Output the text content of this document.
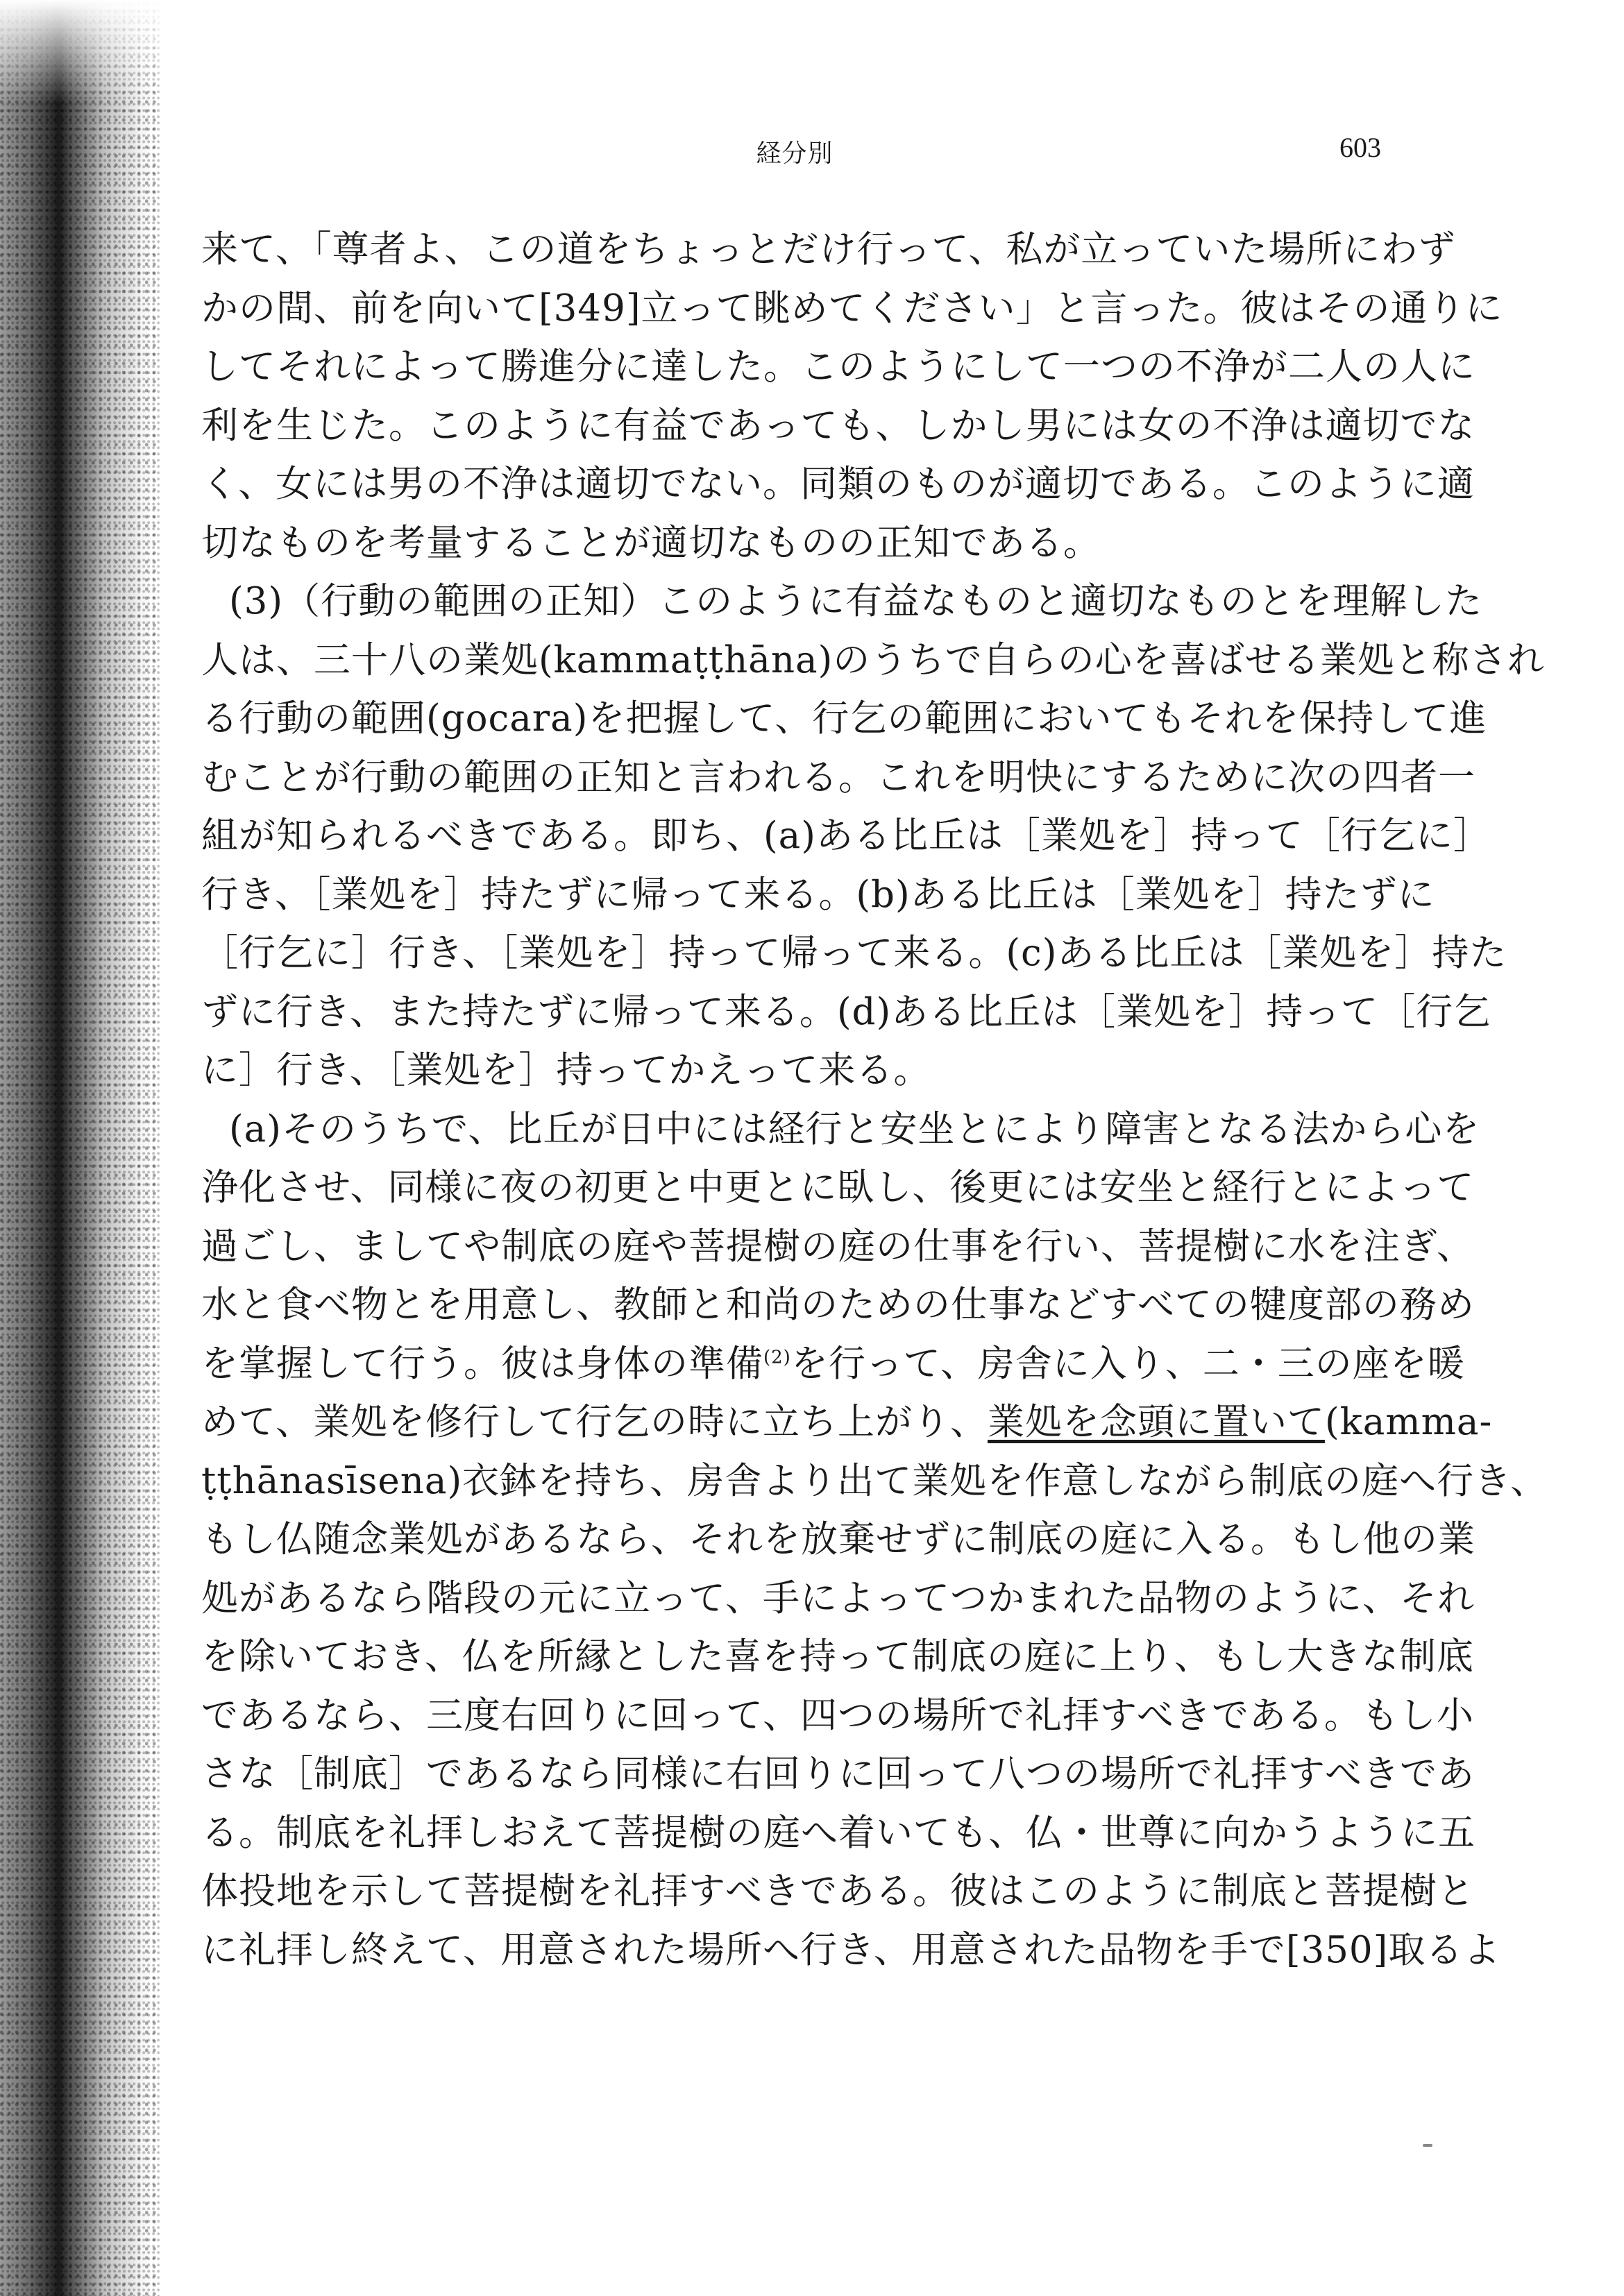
経分別	603
来て、「尊者よ、この道をちょっとだけ行って、私が立っていた場所にわず
かの間、前を向いて[349]立って眺めてください」と言った。彼はその通りに
してそれによって勝進分に達した。このようにして一つの不浄が二人の人に
利を生じた。このように有益であっても、しかし男には女の不浄は適切でな
く、女には男の不浄は適切でない。同類のものが適切である。このように適
切なものを考量することが適切なものの正知である。
(3)（行動の範囲の正知）このように有益なものと適切なものとを理解した
人は、三十八の業処(kammaṭṭhāna)のうちで自らの心を喜ばせる業処と称され
る行動の範囲(gocara)を把握して、行乞の範囲においてもそれを保持して進
むことが行動の範囲の正知と言われる。これを明快にするために次の四者一
組が知られるべきである。即ち、(a)ある比丘は［業処を］持って［行乞に］
行き、［業処を］持たずに帰って来る。(b)ある比丘は［業処を］持たずに
［行乞に］行き、［業処を］持って帰って来る。(c)ある比丘は［業処を］持た
ずに行き、また持たずに帰って来る。(d)ある比丘は［業処を］持って［行乞
に］行き、［業処を］持ってかえって来る。
(a)そのうちで、比丘が日中には経行と安坐とにより障害となる法から心を
浄化させ、同様に夜の初更と中更とに臥し、後更には安坐と経行とによって
過ごし、ましてや制底の庭や菩提樹の庭の仕事を行い、菩提樹に水を注ぎ、
水と食べ物とを用意し、教師と和尚のための仕事などすべての犍度部の務め
を掌握して行う。彼は身体の準備$^{(2)}$を行って、房舎に入り、二・三の座を暖
めて、業処を修行して行乞の時に立ち上がり、業処を念頭に置いて(kamma-
ṭṭhānasīsena)衣鉢を持ち、房舎より出て業処を作意しながら制底の庭へ行き、
もし仏随念業処があるなら、それを放棄せずに制底の庭に入る。もし他の業
処があるなら階段の元に立って、手によってつかまれた品物のように、それ
を除いておき、仏を所縁とした喜を持って制底の庭に上り、もし大きな制底
であるなら、三度右回りに回って、四つの場所で礼拝すべきである。もし小
さな［制底］であるなら同様に右回りに回って八つの場所で礼拝すべきであ
る。制底を礼拝しおえて菩提樹の庭へ着いても、仏・世尊に向かうように五
体投地を示して菩提樹を礼拝すべきである。彼はこのように制底と菩提樹と
に礼拝し終えて、用意された場所へ行き、用意された品物を手で[350]取るよ
